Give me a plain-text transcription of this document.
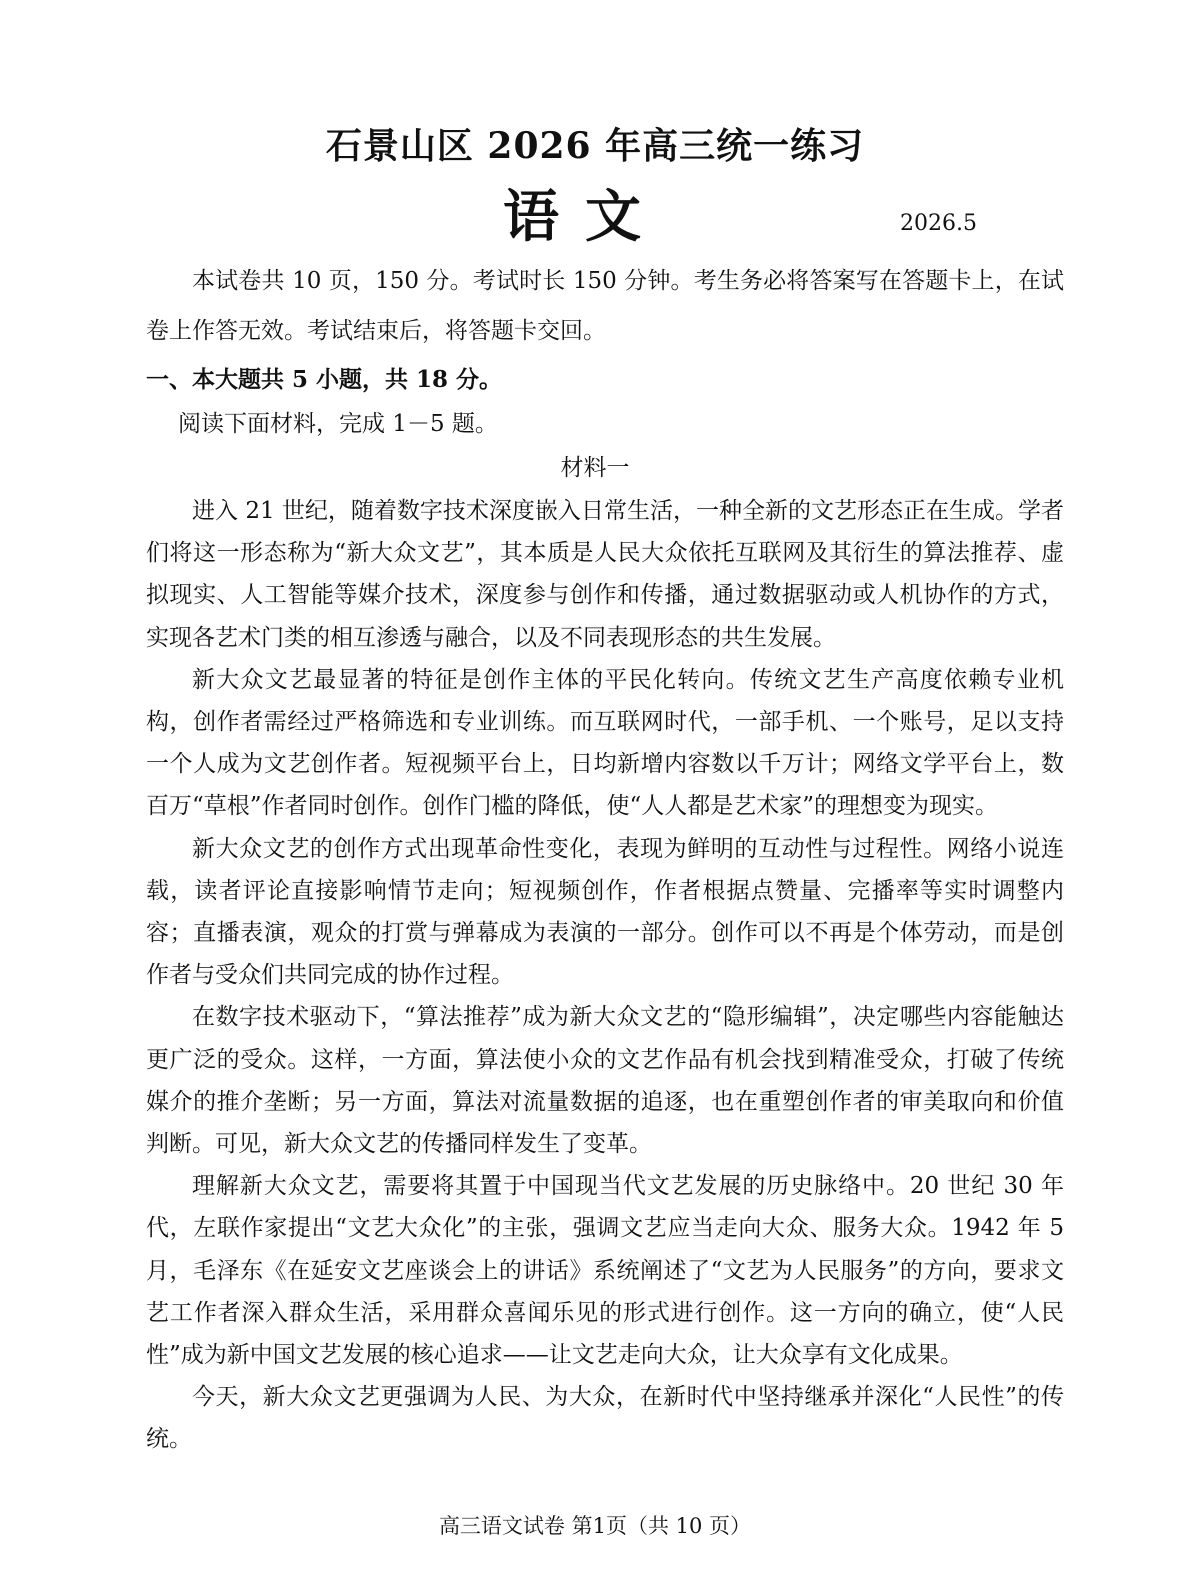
石景山区 2026 年高三统一练习
语文	2026.5

本试卷共 10 页，150 分。考试时长 150 分钟。考生务必将答案写在答题卡上，在试卷上作答无效。考试结束后，将答题卡交回。

一、本大题共 5 小题，共 18 分。
阅读下面材料，完成 1－5 题。
材料一

进入 21 世纪，随着数字技术深度嵌入日常生活，一种全新的文艺形态正在生成。学者们将这一形态称为“新大众文艺”，其本质是人民大众依托互联网及其衍生的算法推荐、虚拟现实、人工智能等媒介技术，深度参与创作和传播，通过数据驱动或人机协作的方式，实现各艺术门类的相互渗透与融合，以及不同表现形态的共生发展。

新大众文艺最显著的特征是创作主体的平民化转向。传统文艺生产高度依赖专业机构，创作者需经过严格筛选和专业训练。而互联网时代，一部手机、一个账号，足以支持一个人成为文艺创作者。短视频平台上，日均新增内容数以千万计；网络文学平台上，数百万“草根”作者同时创作。创作门槛的降低，使“人人都是艺术家”的理想变为现实。

新大众文艺的创作方式出现革命性变化，表现为鲜明的互动性与过程性。网络小说连载，读者评论直接影响情节走向；短视频创作，作者根据点赞量、完播率等实时调整内容；直播表演，观众的打赏与弹幕成为表演的一部分。创作可以不再是个体劳动，而是创作者与受众们共同完成的协作过程。

在数字技术驱动下，“算法推荐”成为新大众文艺的“隐形编辑”，决定哪些内容能触达更广泛的受众。这样，一方面，算法使小众的文艺作品有机会找到精准受众，打破了传统媒介的推介垄断；另一方面，算法对流量数据的追逐，也在重塑创作者的审美取向和价值判断。可见，新大众文艺的传播同样发生了变革。

理解新大众文艺，需要将其置于中国现当代文艺发展的历史脉络中。20 世纪 30 年代，左联作家提出“文艺大众化”的主张，强调文艺应当走向大众、服务大众。1942 年 5 月，毛泽东《在延安文艺座谈会上的讲话》系统阐述了“文艺为人民服务”的方向，要求文艺工作者深入群众生活，采用群众喜闻乐见的形式进行创作。这一方向的确立，使“人民性”成为新中国文艺发展的核心追求——让文艺走向大众，让大众享有文化成果。

今天，新大众文艺更强调为人民、为大众，在新时代中坚持继承并深化“人民性”的传统。

高三语文试卷 第1页（共 10 页）
